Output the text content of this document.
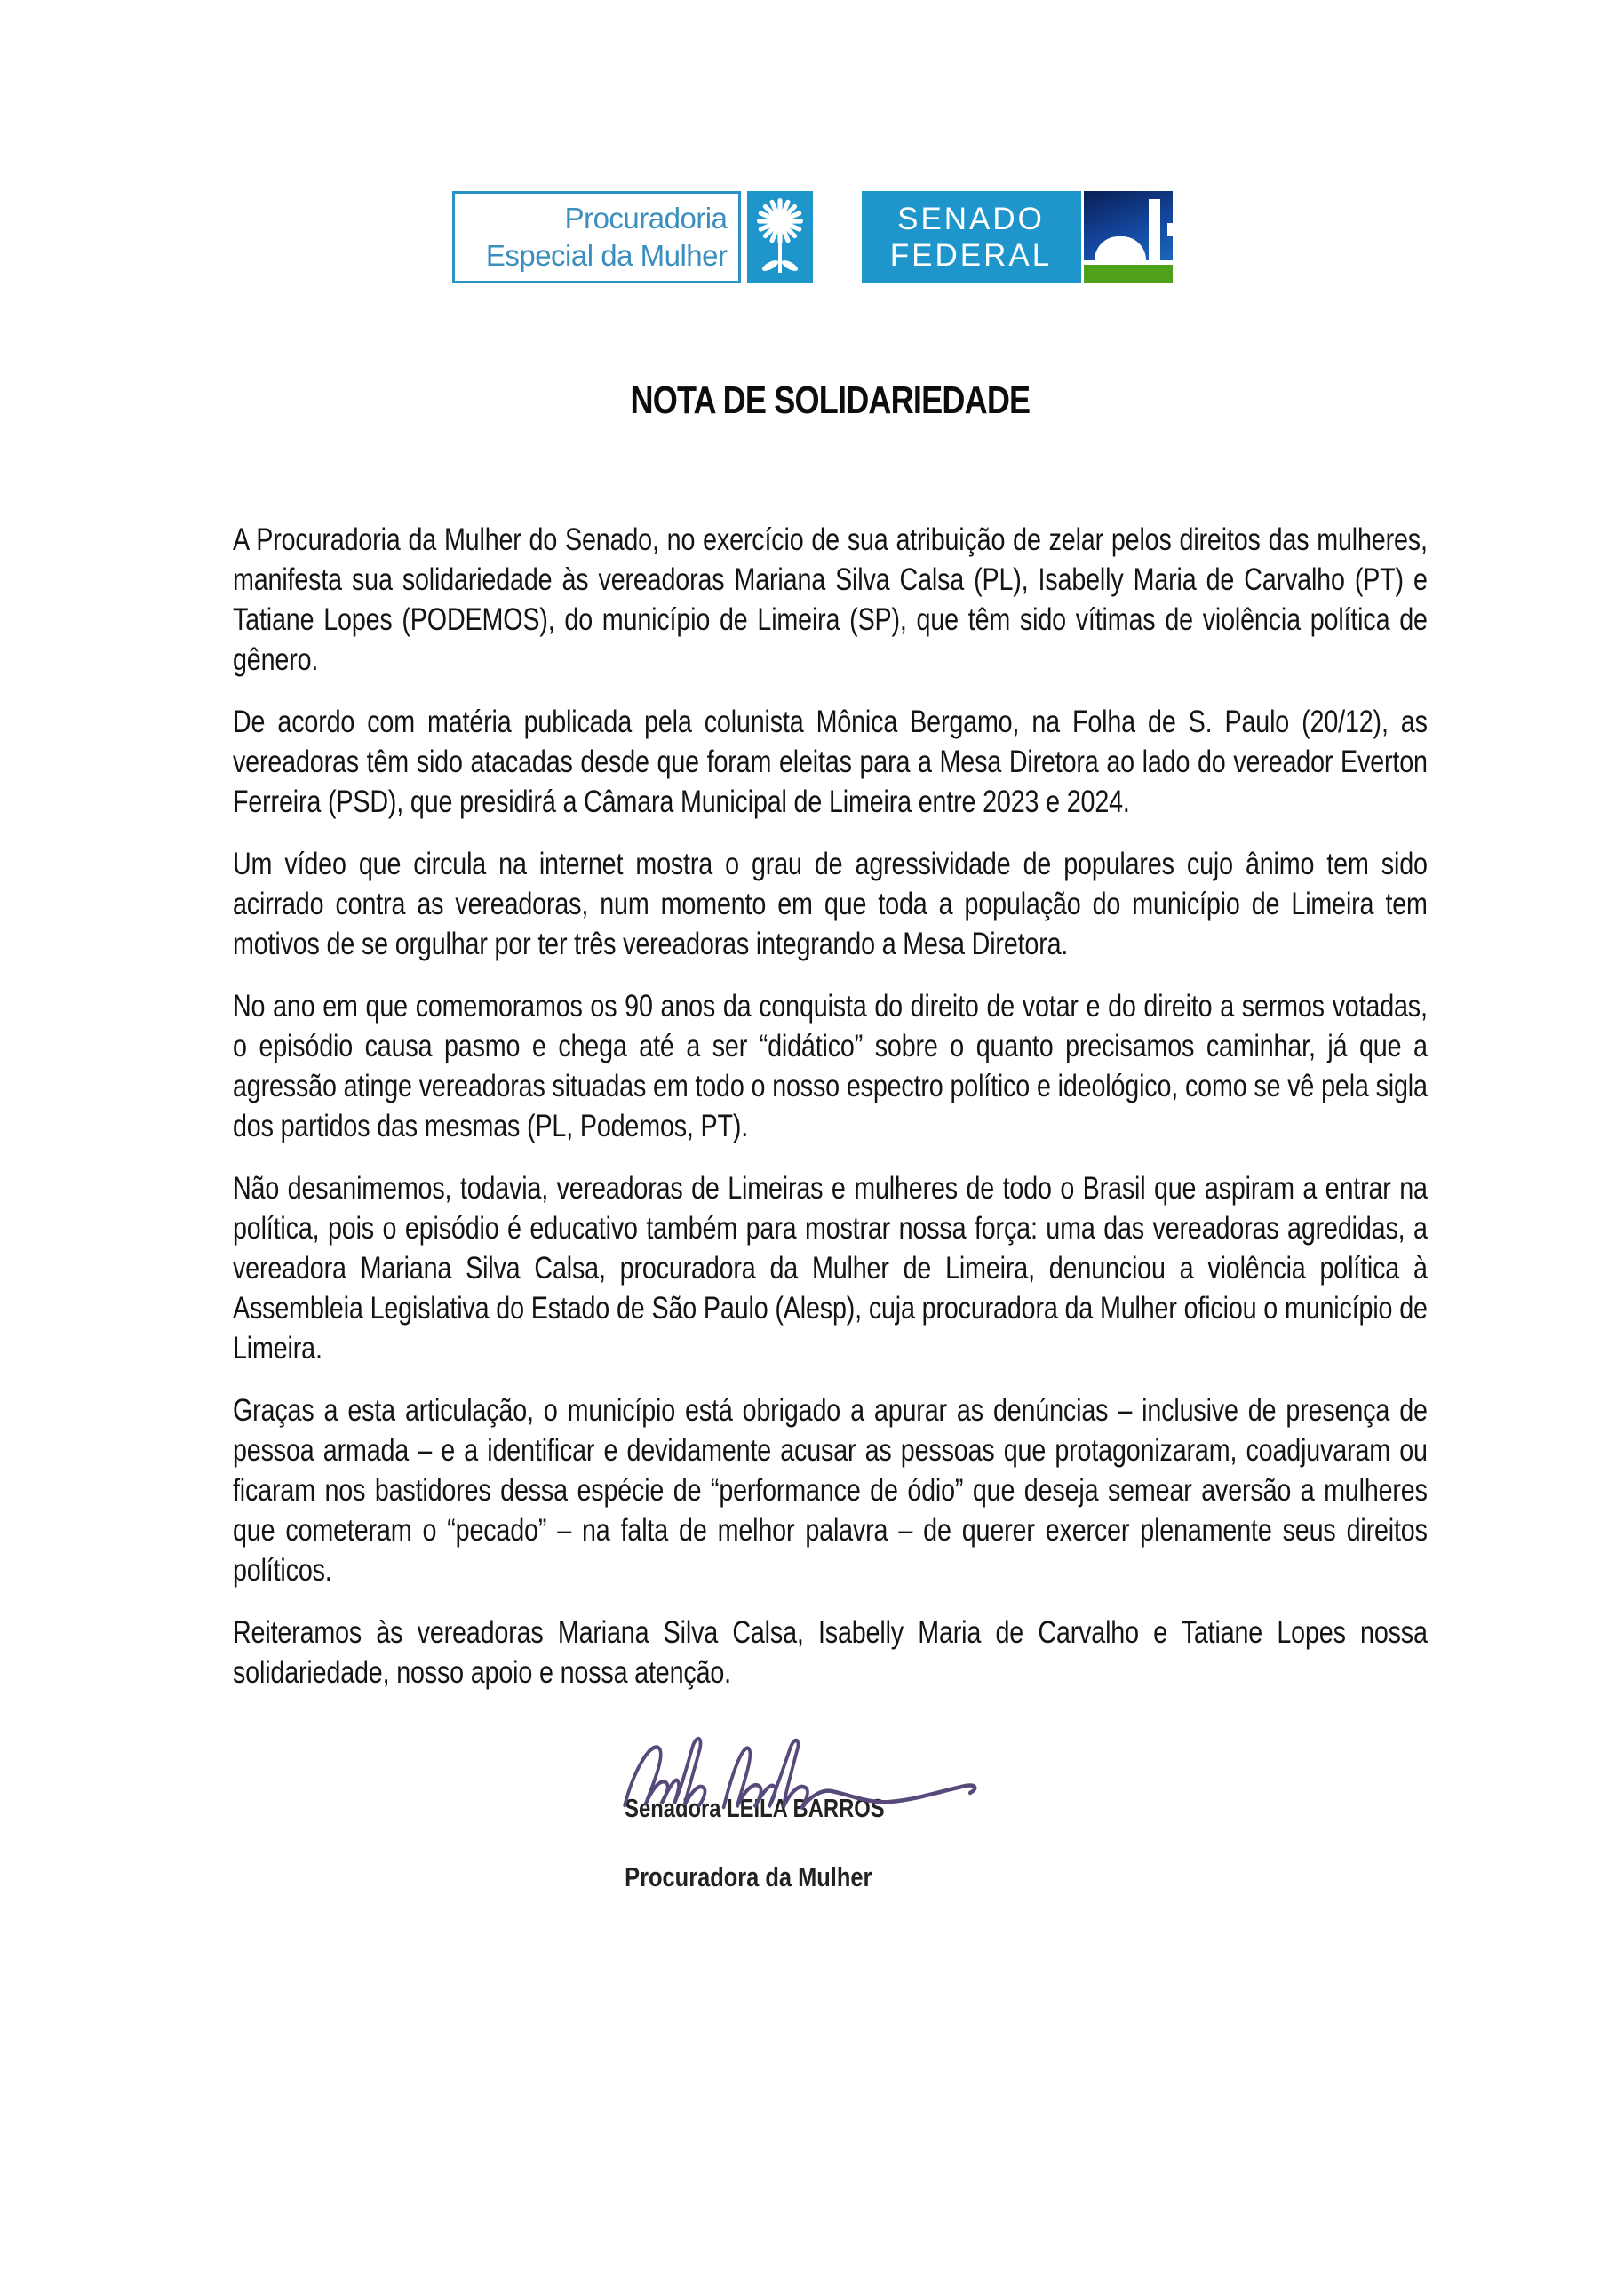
Procuradoria
Especial da Mulher
SENADO
FEDERAL
NOTA DE SOLIDARIEDADE

A Procuradoria da Mulher do Senado, no exercício de sua atribuição de zelar pelos direitos das mulheres, manifesta sua solidariedade às vereadoras Mariana Silva Calsa (PL), Isabelly Maria de Carvalho (PT) e Tatiane Lopes (PODEMOS), do município de Limeira (SP), que têm sido vítimas de violência política de gênero.

De acordo com matéria publicada pela colunista Mônica Bergamo, na Folha de S. Paulo (20/12), as vereadoras têm sido atacadas desde que foram eleitas para a Mesa Diretora ao lado do vereador Everton Ferreira (PSD), que presidirá a Câmara Municipal de Limeira entre 2023 e 2024.

Um vídeo que circula na internet mostra o grau de agressividade de populares cujo ânimo tem sido acirrado contra as vereadoras, num momento em que toda a população do município de Limeira tem motivos de se orgulhar por ter três vereadoras integrando a Mesa Diretora.

No ano em que comemoramos os 90 anos da conquista do direito de votar e do direito a sermos votadas, o episódio causa pasmo e chega até a ser “didático” sobre o quanto precisamos caminhar, já que a agressão atinge vereadoras situadas em todo o nosso espectro político e ideológico, como se vê pela sigla dos partidos das mesmas (PL, Podemos, PT).

Não desanimemos, todavia, vereadoras de Limeiras e mulheres de todo o Brasil que aspiram a entrar na política, pois o episódio é educativo também para mostrar nossa força: uma das vereadoras agredidas, a vereadora Mariana Silva Calsa, procuradora da Mulher de Limeira, denunciou a violência política à Assembleia Legislativa do Estado de São Paulo (Alesp), cuja procuradora da Mulher oficiou o município de Limeira.

Graças a esta articulação, o município está obrigado a apurar as denúncias – inclusive de presença de pessoa armada – e a identificar e devidamente acusar as pessoas que protagonizaram, coadjuvaram ou ficaram nos bastidores dessa espécie de “performance de ódio” que deseja semear aversão a mulheres que cometeram o “pecado” – na falta de melhor palavra – de querer exercer plenamente seus direitos políticos.

Reiteramos às vereadoras Mariana Silva Calsa, Isabelly Maria de Carvalho e Tatiane Lopes nossa solidariedade, nosso apoio e nossa atenção.

Senadora LEILA BARROS
Procuradora da Mulher
